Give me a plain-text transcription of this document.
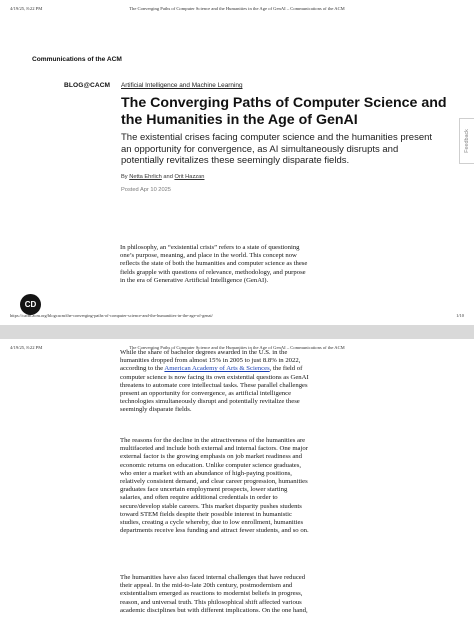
4/19/25, 8:22 PM	The Converging Paths of Computer Science and the Humanities in the Age of GenAI – Communications of the ACM
Communications of the ACM
BLOG@CACM Artificial Intelligence and Machine Learning
The Converging Paths of Computer Science and the Humanities in the Age of GenAI

The existential crises facing computer science and the humanities present an opportunity for convergence, as AI simultaneously disrupts and potentially revitalizes these seemingly disparate fields.

By Netta Ehrlich and Orit Hazzan
Posted Apr 10 2025
Feedback

In philosophy, an “existential crisis” refers to a state of questioning one’s purpose, meaning, and place in the world. This concept now reflects the state of both the humanities and computer science as these fields grapple with questions of relevance, methodology, and purpose in the era of Generative Artificial Intelligence (GenAI).

CD
https://cacm.acm.org/blogcacm/the-converging-paths-of-computer-science-and-the-humanities-in-the-age-of-genai/	1/10
4/19/25, 8:22 PM	The Converging Paths of Computer Science and the Humanities in the Age of GenAI – Communications of the ACM

While the share of bachelor degrees awarded in the U.S. in the humanities dropped from almost 15% in 2005 to just 8.8% in 2022, according to the American Academy of Arts & Sciences, the field of computer science is now facing its own existential questions as GenAI threatens to automate core intellectual tasks. These parallel challenges present an opportunity for convergence, as artificial intelligence technologies simultaneously disrupt and potentially revitalize these seemingly disparate fields.

The reasons for the decline in the attractiveness of the humanities are multifaceted and include both external and internal factors. One major external factor is the growing emphasis on job market readiness and economic returns on education. Unlike computer science graduates, who enter a market with an abundance of high-paying positions, relatively consistent demand, and clear career progression, humanities graduates face uncertain employment prospects, lower starting salaries, and often require additional credentials in order to secure/develop stable careers. This market disparity pushes students toward STEM fields despite their possible interest in humanistic studies, creating a cycle whereby, due to low enrollment, humanities departments receive less funding and attract fewer students, and so on.

The humanities have also faced internal challenges that have reduced their appeal. In the mid-to-late 20th century, postmodernism and existentialism emerged as reactions to modernist beliefs in progress, reason, and universal truth. This philosophical shift affected various academic disciplines but with different implications. On the one hand,
